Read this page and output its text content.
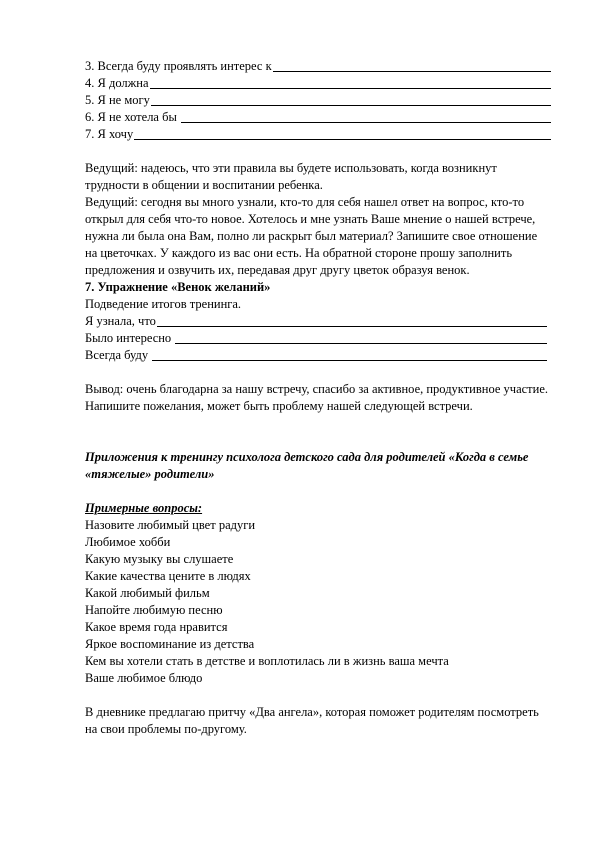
3. Всегда буду проявлять интерес к
4. Я должна
5. Я не могу
6. Я не хотела бы
7. Я хочу

Ведущий: надеюсь, что эти правила вы будете использовать, когда возникнут трудности в общении и воспитании ребенка.

Ведущий: сегодня вы много узнали, кто-то для себя нашел ответ на вопрос, кто-то открыл для себя что-то новое. Хотелось и мне узнать Ваше мнение о нашей встрече, нужна ли была она Вам, полно ли раскрыт был материал? Запишите свое отношение на цветочках. У каждого из вас они есть. На обратной стороне прошу заполнить предложения и озвучить их, передавая друг другу цветок образуя венок.

7. Упражнение «Венок желаний»

Подведение итогов тренинга.

Я узнала, что
Было интересно
Всегда буду

Вывод: очень благодарна за нашу встречу, спасибо за активное, продуктивное участие. Напишите пожелания, может быть проблему нашей следующей встречи.

Приложения к тренингу психолога детского сада для родителей «Когда в семье «тяжелые» родители»

Примерные вопросы:

Назовите любимый цвет радуги

Любимое хобби

Какую музыку вы слушаете

Какие качества цените в людях

Какой любимый фильм

Напойте любимую песню

Какое время года нравится

Яркое воспоминание из детства

Кем вы хотели стать в детстве и воплотилась ли в жизнь ваша мечта

Ваше любимое блюдо

В дневнике предлагаю притчу «Два ангела», которая поможет родителям посмотреть на свои проблемы по-другому.
